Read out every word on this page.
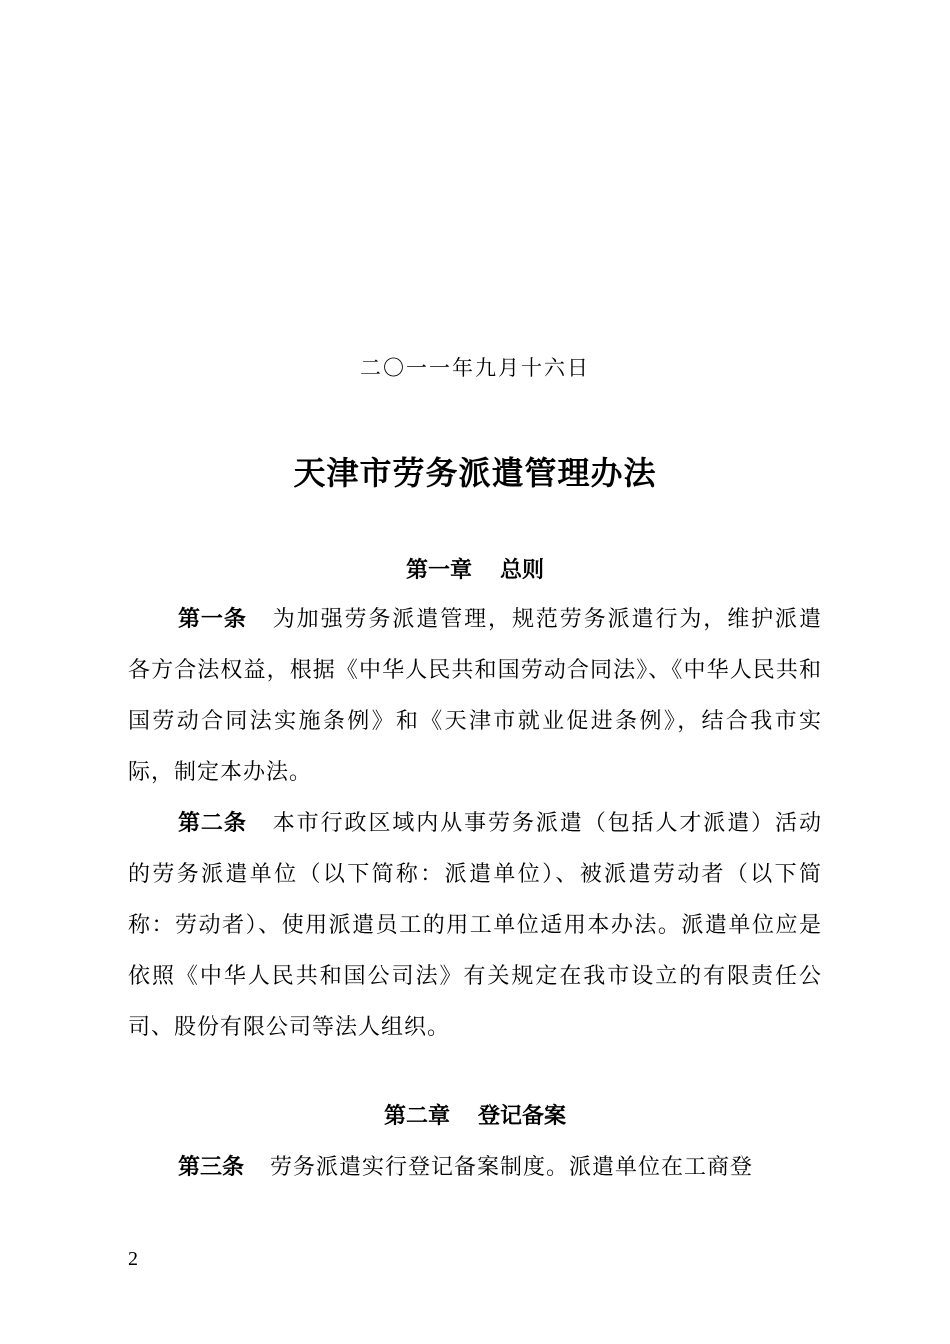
二〇一一年九月十六日
天津市劳务派遣管理办法
第一章 总则

第一条 为加强劳务派遣管理，规范劳务派遣行为，维护派遣各方合法权益，根据《中华人民共和国劳动合同法》、《中华人民共和国劳动合同法实施条例》和《天津市就业促进条例》，结合我市实际，制定本办法。

第二条 本市行政区域内从事劳务派遣（包括人才派遣）活动的劳务派遣单位（以下简称：派遣单位）、被派遣劳动者（以下简称：劳动者）、使用派遣员工的用工单位适用本办法。派遣单位应是依照《中华人民共和国公司法》有关规定在我市设立的有限责任公司、股份有限公司等法人组织。

第二章 登记备案

第三条 劳务派遣实行登记备案制度。派遣单位在工商登

2
